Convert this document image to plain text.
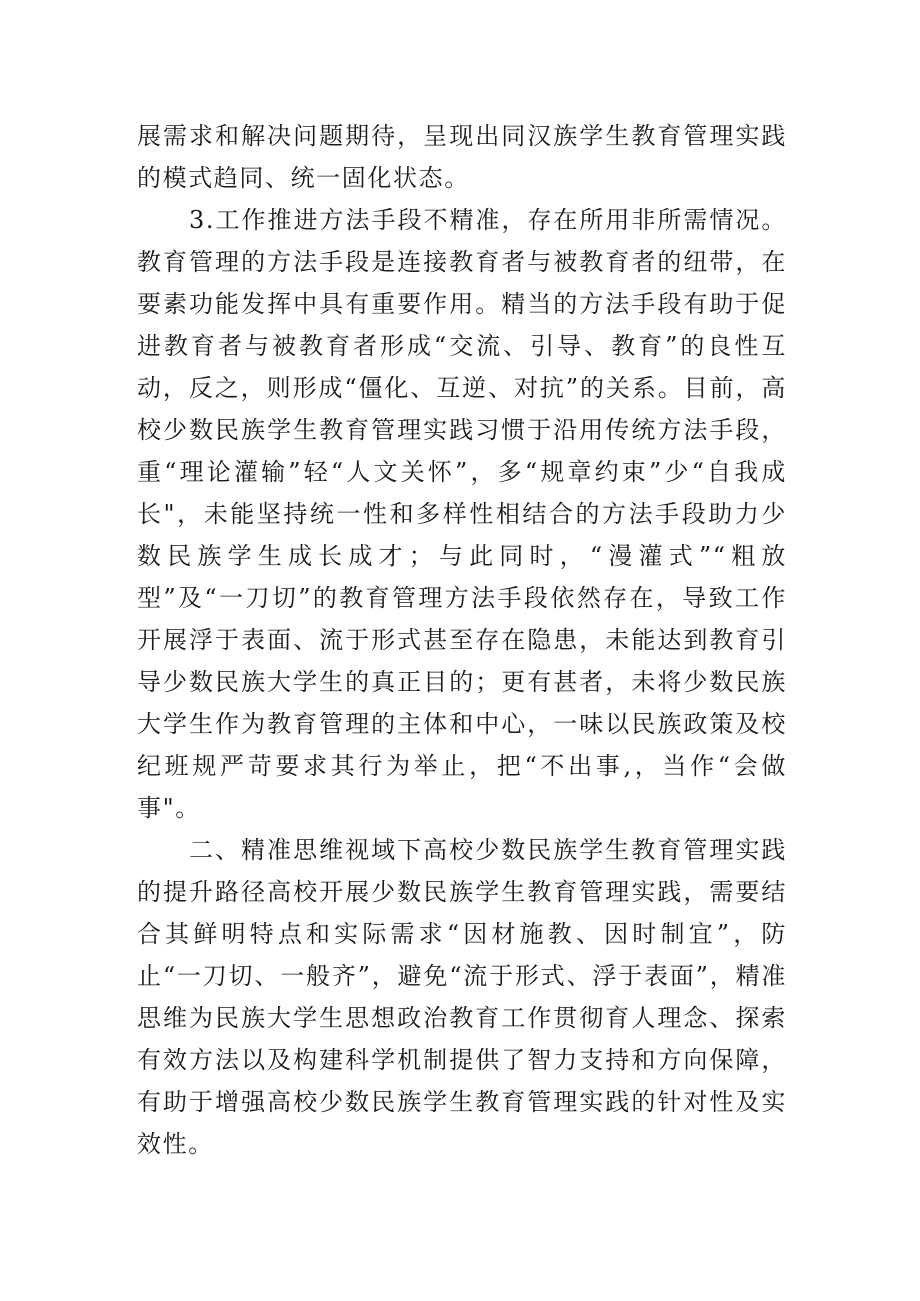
展需求和解决问题期待，呈现出同汉族学生教育管理实践的模式趋同、统一固化状态。

3.工作推进方法手段不精准，存在所用非所需情况。教育管理的方法手段是连接教育者与被教育者的纽带，在要素功能发挥中具有重要作用。精当的方法手段有助于促进教育者与被教育者形成“交流、引导、教育”的良性互动，反之，则形成“僵化、互逆、对抗”的关系。目前，高校少数民族学生教育管理实践习惯于沿用传统方法手段，重“理论灌输”轻“人文关怀”，多“规章约束”少“自我成长"，未能坚持统一性和多样性相结合的方法手段助力少数民族学生成长成才；与此同时，“漫灌式”“粗放型”及“一刀切”的教育管理方法手段依然存在，导致工作开展浮于表面、流于形式甚至存在隐患，未能达到教育引导少数民族大学生的真正目的；更有甚者，未将少数民族大学生作为教育管理的主体和中心，一味以民族政策及校纪班规严苛要求其行为举止，把“不出事,，当作“会做事"。

二、精准思维视域下高校少数民族学生教育管理实践的提升路径高校开展少数民族学生教育管理实践，需要结合其鲜明特点和实际需求“因材施教、因时制宜”，防止“一刀切、一般齐”，避免“流于形式、浮于表面”，精准思维为民族大学生思想政治教育工作贯彻育人理念、探索有效方法以及构建科学机制提供了智力支持和方向保障，有助于增强高校少数民族学生教育管理实践的针对性及实效性。
